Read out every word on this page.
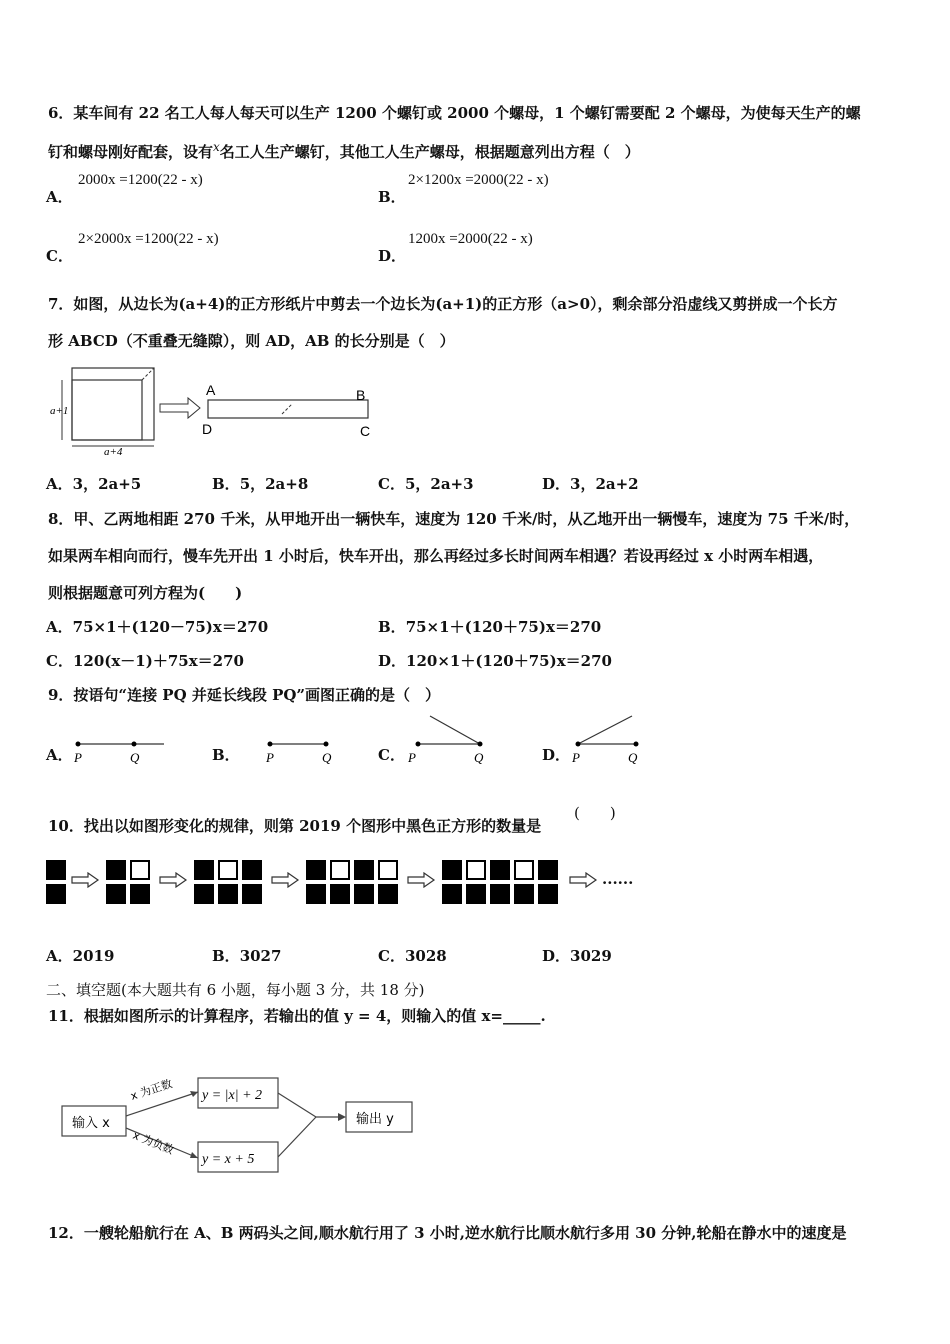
6．某车间有 22 名工人每人每天可以生产 1200 个螺钉或 2000 个螺母，1 个螺钉需要配 2 个螺母，为使每天生产的螺
钉和螺母刚好配套，设有$^x$名工人生产螺钉，其他工人生产螺母，根据题意列出方程（　）
A．
2000x =1200(22 - x)
B．
2×1200x =2000(22 - x)
C．
2×2000x =1200(22 - x)
D．
1200x =2000(22 - x)
7．如图，从边长为(a+4)的正方形纸片中剪去一个边长为(a+1)的正方形（a>0），剩余部分沿虚线又剪拼成一个长方
形 ABCD（不重叠无缝隙），则 AD，AB 的长分别是（　）
a+1
a+4
A	B
C
D
A．3，2a+5	B．5，2a+8	C．5，2a+3	D．3，2a+2
8．甲、乙两地相距 270 千米，从甲地开出一辆快车，速度为 120 千米/时，从乙地开出一辆慢车，速度为 75 千米/时，
如果两车相向而行，慢车先开出 1 小时后，快车开出，那么再经过多长时间两车相遇？若设再经过 x 小时两车相遇，
则根据题意可列方程为(　　)
A．75×1＋(120－75)x＝270	B．75×1＋(120＋75)x＝270
C．120(x－1)＋75x＝270	D．120×1＋(120＋75)x＝270
9．按语句“连接 PQ 并延长线段 PQ”画图正确的是（　）
A． P	Q	B． P	Q	C． P	Q	D． P	Q
10．找出以如图形变化的规律，则第 2019 个图形中黑色正方形的数量是
(　　)
......
A．2019	B．3027	C．3028	D．3029
二、填空题(本大题共有 6 小题，每小题 3 分，共 18 分)
11．根据如图所示的计算程序，若输出的值 y = 4，则输入的值 x=_____.
输入 x
x 为正数
x 为负数
y = |x| + 2
y = x + 5
输出 y
12．一艘轮船航行在 A、B 两码头之间,顺水航行用了 3 小时,逆水航行比顺水航行多用 30 分钟,轮船在静水中的速度是
